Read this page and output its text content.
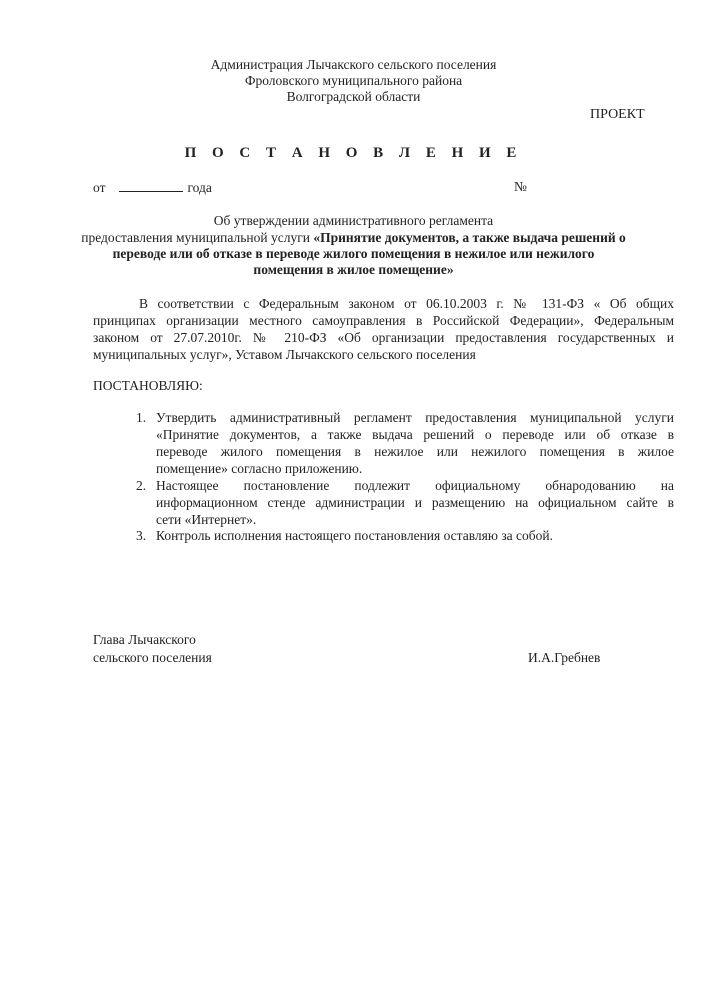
Администрация Лычакского сельского поселения
Фроловского муниципального района
Волгоградской области
ПРОЕКТ
П О С Т А Н О В Л Е Н И Е
от	года	№
Об утверждении административного регламента
предоставления муниципальной услуги «Принятие документов, а также выдача решений о
переводе или об отказе в переводе жилого помещения в нежилое или нежилого
помещения в жилое помещение»
В соответствии с Федеральным законом от 06.10.2003 г. № 131-ФЗ « Об общих
принципах организации местного самоуправления в Российской Федерации», Федеральным
законом от 27.07.2010г. № 210-ФЗ «Об организации предоставления государственных и
муниципальных услуг», Уставом Лычакского сельского поселения
ПОСТАНОВЛЯЮ:
1. Утвердить административный регламент предоставления муниципальной услуги
«Принятие документов, а также выдача решений о переводе или об отказе в
переводе жилого помещения в нежилое или нежилого помещения в жилое
помещение» согласно приложению.
2. Настоящее постановление подлежит официальному обнародованию на
информационном стенде администрации и размещению на официальном сайте в
сети «Интернет».
3. Контроль исполнения настоящего постановления оставляю за собой.
Глава Лычакского
сельского поселения	И.А.Гребнев
